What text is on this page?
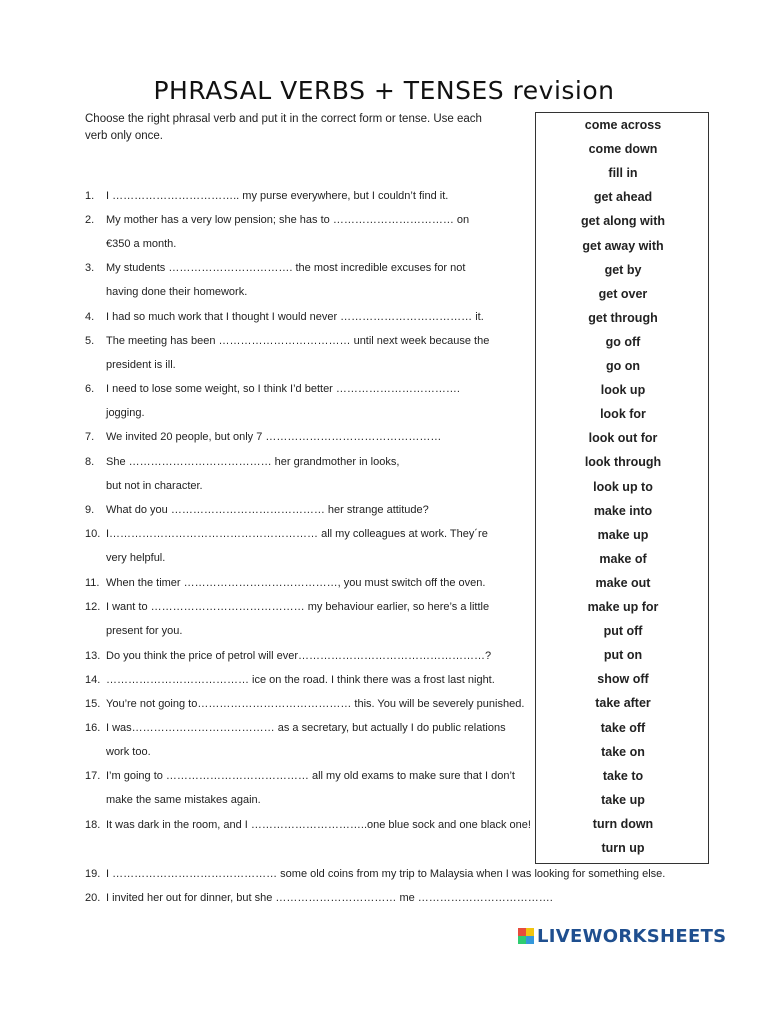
PHRASAL VERBS + TENSES revision
Choose the right phrasal verb and put it in the correct form or tense. Use each verb only once.
1.	I …………………………….. my purse everywhere, but I couldn’t find it.
2.	My mother has a very low pension; she has to …………………………… on
€350 a month.
3.	My students ……………………………. the most incredible excuses for not
having done their homework.
4.	I had so much work that I thought I would never ……………………………… it.
5.	The meeting has been ……………………………… until next week because the
president is ill.
6.	I need to lose some weight, so I think I’d better …………………………….
jogging.
7.	We invited 20 people, but only 7 …………………………………………
8.	She ………………………………… her grandmother in looks,
but not in character.
9.	What do you …………………………………… her strange attitude?
10. I………………………………………………… all my colleagues at work. They´re
very helpful.
11. When the timer ……………………………………, you must switch off the oven.
12. I want to …………………………………… my behaviour earlier, so here’s a little
present for you.
13. Do you think the price of petrol will ever……………………………………………?
14. ………………………………… ice on the road. I think there was a frost last night.
15. You’re not going to…………………………………… this. You will be severely punished.
16. I was………………………………… as a secretary, but actually I do public relations
work too.
17. I’m going to ………………………………… all my old exams to make sure that I don’t
make the same mistakes again.
18. It was dark in the room, and I …………………………..one blue sock and one black one!
19. I ……………………………………… some old coins from my trip to Malaysia when I was looking for something else.
20. I invited her out for dinner, but she …………………………… me ……………………………….
come across
come down
fill in
get ahead
get along with
get away with
get by
get over
get through
go off
go on
look up
look for
look out for
look through
look up to
make into
make up
make of
make out
make up for
put off
put on
show off
take after
take off
take on
take to
take up
turn down
turn up
LIVEWORKSHEETS
